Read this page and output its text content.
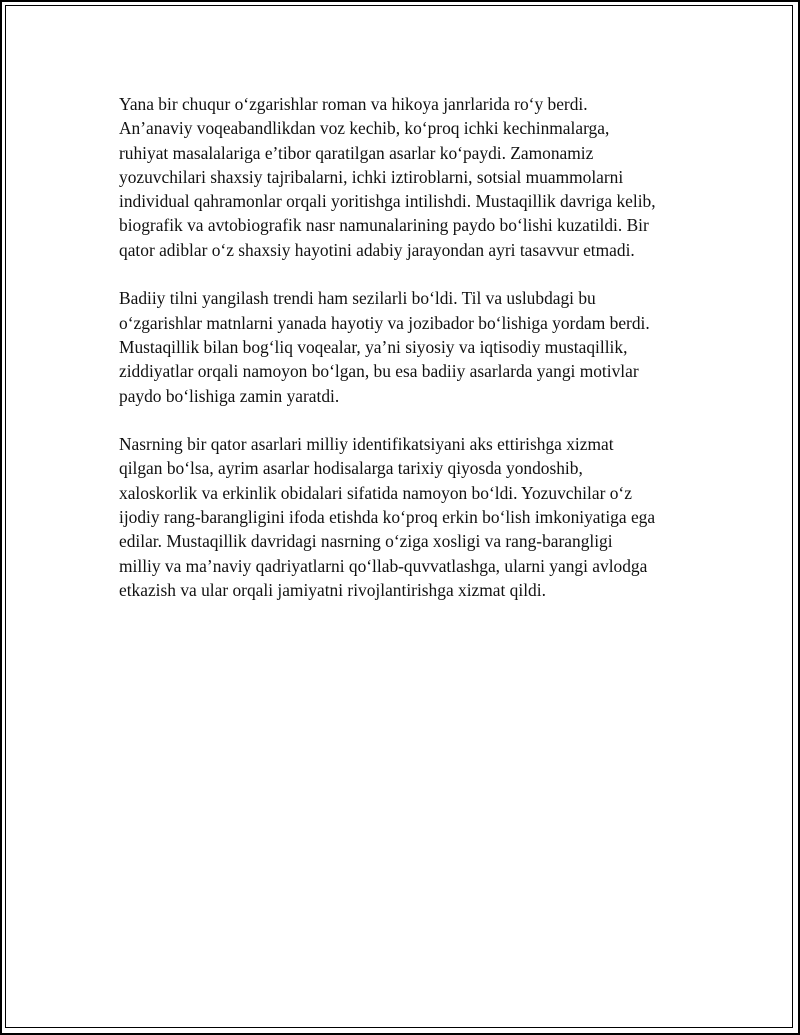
Yana bir chuqur o‘zgarishlar roman va hikoya janrlarida ro‘y berdi.
An’anaviy voqeabandlikdan voz kechib, ko‘proq ichki kechinmalarga,
ruhiyat masalalariga e’tibor qaratilgan asarlar ko‘paydi. Zamonamiz
yozuvchilari shaxsiy tajribalarni, ichki iztiroblarni, sotsial muammolarni
individual qahramonlar orqali yoritishga intilishdi. Mustaqillik davriga kelib,
biografik va avtobiografik nasr namunalarining paydo bo‘lishi kuzatildi. Bir
qator adiblar o‘z shaxsiy hayotini adabiy jarayondan ayri tasavvur etmadi.

Badiiy tilni yangilash trendi ham sezilarli bo‘ldi. Til va uslubdagi bu
o‘zgarishlar matnlarni yanada hayotiy va jozibador bo‘lishiga yordam berdi.
Mustaqillik bilan bog‘liq voqealar, ya’ni siyosiy va iqtisodiy mustaqillik,
ziddiyatlar orqali namoyon bo‘lgan, bu esa badiiy asarlarda yangi motivlar
paydo bo‘lishiga zamin yaratdi.

Nasrning bir qator asarlari milliy identifikatsiyani aks ettirishga xizmat
qilgan bo‘lsa, ayrim asarlar hodisalarga tarixiy qiyosda yondoshib,
xaloskorlik va erkinlik obidalari sifatida namoyon bo‘ldi. Yozuvchilar o‘z
ijodiy rang-barangligini ifoda etishda ko‘proq erkin bo‘lish imkoniyatiga ega
edilar. Mustaqillik davridagi nasrning o‘ziga xosligi va rang-barangligi
milliy va ma’naviy qadriyatlarni qo‘llab-quvvatlashga, ularni yangi avlodga
etkazish va ular orqali jamiyatni rivojlantirishga xizmat qildi.
